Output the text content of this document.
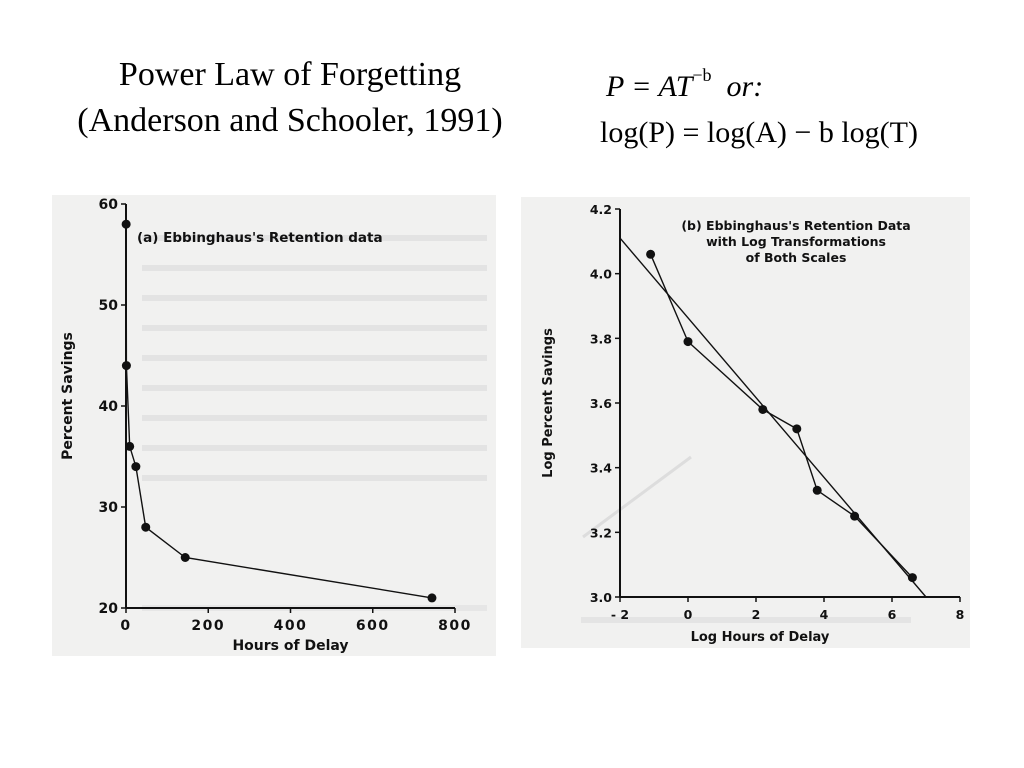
Power Law of Forgetting
(Anderson and Schooler, 1991)
$P = AT^{-b}$ or:
log(P) = log(A) − b log(T)
20
30
40
50
60
0	200	400	600	800
Hours of Delay
Percent Savings
(a) Ebbinghaus's Retention data
3.0
3.2
3.4
3.6
3.8
4.0
4.2
- 2	0	2	4	6	8
Log Hours of Delay
Log Percent Savings
(b) Ebbinghaus's Retention Data
with Log Transformations
of Both Scales
